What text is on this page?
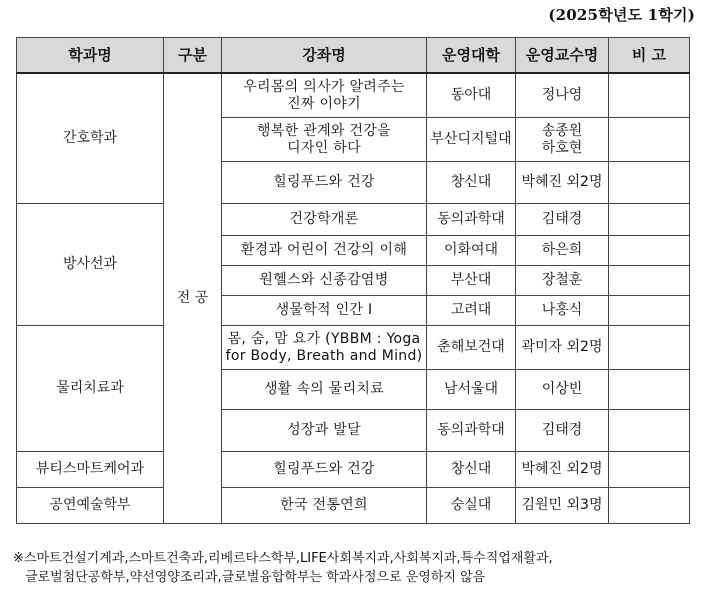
(2025학년도 1학기)
학과명	구분	강좌명	운영대학	운영교수명	비 고
간호학과	전 공	우리몸의 의사가 알려주는
진짜 이야기	동아대	정나영	
		행복한 관계와 건강을
디자인 하다	부산디지털대	송종원
하호현	
		힐링푸드와 건강	창신대	박혜진 외2명	
방사선과		건강학개론	동의과학대	김태경	
		환경과 어린이 건강의 이해	이화여대	하은희	
		원헬스와 신종감염병	부산대	장철훈	
		생물학적 인간 I	고려대	나홍식	
물리치료과		몸, 숨, 맘 요가 (YBBM : Yoga
for Body, Breath and Mind)	춘해보건대	곽미자 외2명	
		생활 속의 물리치료	남서울대	이상빈	
		성장과 발달	동의과학대	김태경	
뷰티스마트케어과		힐링푸드와 건강	창신대	박혜진 외2명	
공연예술학부		한국 전통연희	숭실대	김원민 외3명	
※스마트건설기계과,스마트건축과,리베르타스학부,LIFE사회복지과,사회복지과,특수직업재활과,
글로벌첨단공학부,약선영양조리과,글로벌융합학부는 학과사정으로 운영하지 않음
